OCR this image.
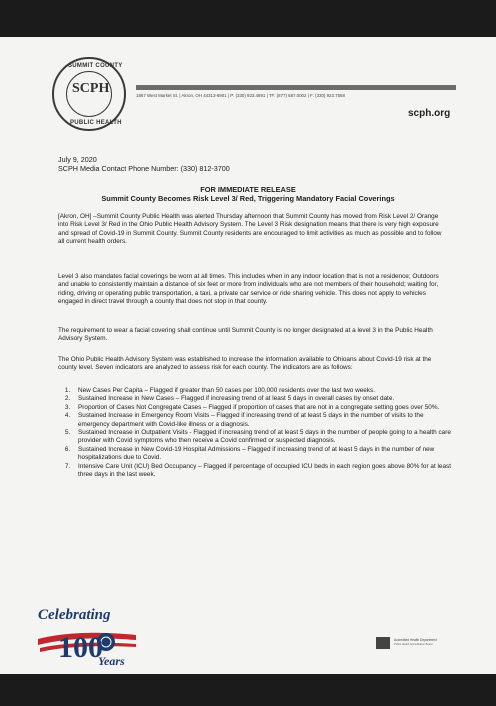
SUMMIT COUNTY
SCPH
PUBLIC HEALTH
1867 West Market St. | Akron, OH 44313-6901 | P: (330) 923.4891 | TF: (877) 687.0002 | F: (330) 923.7558
scph.org
July 9, 2020
SCPH Media Contact Phone Number: (330) 812-3700
FOR IMMEDIATE RELEASE
Summit County Becomes Risk Level 3/ Red, Triggering Mandatory Facial Coverings
[Akron, OH] –Summit County Public Health was alerted Thursday afternoon that Summit County has moved from Risk Level 2/ Orange into Risk Level 3/ Red in the Ohio Public Health Advisory System. The Level 3 Risk designation means that there is very high exposure and spread of Covid-19 in Summit County. Summit County residents are encouraged to limit activities as much as possible and to follow all current health orders.
Level 3 also mandates facial coverings be worn at all times. This includes when in any indoor location that is not a residence; Outdoors and unable to consistently maintain a distance of six feet or more from individuals who are not members of their household; waiting for, riding, driving or operating public transportation, a taxi, a private car service or ride sharing vehicle. This does not apply to vehicles engaged in direct travel through a county that does not stop in that county.
The requirement to wear a facial covering shall continue until Summit County is no longer designated at a level 3 in the Public Health Advisory System.
The Ohio Public Health Advisory System was established to increase the information available to Ohioans about Covid-19 risk at the county level. Seven indicators are analyzed to assess risk for each county. The indicators are as follows:
1. New Cases Per Capita – Flagged if greater than 50 cases per 100,000 residents over the last two weeks.
2. Sustained Increase in New Cases – Flagged if increasing trend of at least 5 days in overall cases by onset date.
3. Proportion of Cases Not Congregate Cases – Flagged if proportion of cases that are not in a congregate setting goes over 50%.
4. Sustained Increase in Emergency Room Visits – Flagged if increasing trend of at least 5 days in the number of visits to the emergency department with Covid-like illness or a diagnosis.
5. Sustained Increase in Outpatient Visits - Flagged if increasing trend of at least 5 days in the number of people going to a health care provider with Covid symptoms who then receive a Covid confirmed or suspected diagnosis.
6. Sustained Increase in New Covid-19 Hospital Admissions – Flagged if increasing trend of at least 5 days in the number of new hospitalizations due to Covid.
7. Intensive Care Unit (ICU) Bed Occupancy – Flagged if percentage of occupied ICU beds in each region goes above 80% for at least three days in the last week.
Celebrating
100
Years
Accredited Health Department
Public Health Accreditation Board
